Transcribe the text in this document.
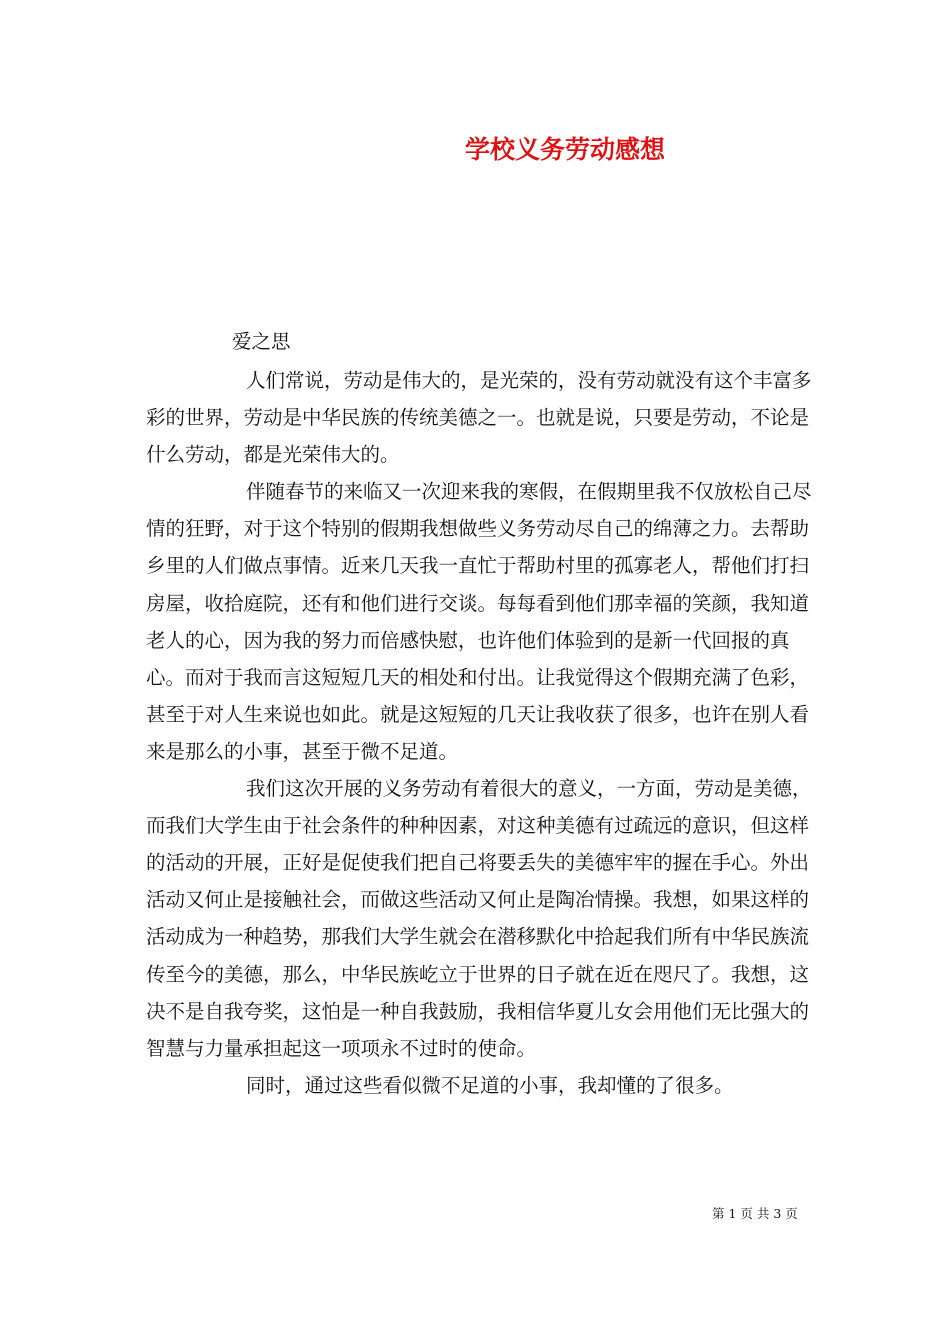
学校义务劳动感想
爱之思

人们常说，劳动是伟大的，是光荣的，没有劳动就没有这个丰富多彩的世界，劳动是中华民族的传统美德之一。也就是说，只要是劳动，不论是什么劳动，都是光荣伟大的。

伴随春节的来临又一次迎来我的寒假，在假期里我不仅放松自己尽情的狂野，对于这个特别的假期我想做些义务劳动尽自己的绵薄之力。去帮助乡里的人们做点事情。近来几天我一直忙于帮助村里的孤寡老人，帮他们打扫房屋，收拾庭院，还有和他们进行交谈。每每看到他们那幸福的笑颜，我知道老人的心，因为我的努力而倍感快慰，也许他们体验到的是新一代回报的真心。而对于我而言这短短几天的相处和付出。让我觉得这个假期充满了色彩，甚至于对人生来说也如此。就是这短短的几天让我收获了很多，也许在别人看来是那么的小事，甚至于微不足道。

我们这次开展的义务劳动有着很大的意义，一方面，劳动是美德，而我们大学生由于社会条件的种种因素，对这种美德有过疏远的意识，但这样的活动的开展，正好是促使我们把自己将要丢失的美德牢牢的握在手心。外出活动又何止是接触社会，而做这些活动又何止是陶冶情操。我想，如果这样的活动成为一种趋势，那我们大学生就会在潜移默化中拾起我们所有中华民族流传至今的美德，那么，中华民族屹立于世界的日子就在近在咫尺了。我想，这决不是自我夸奖，这怕是一种自我鼓励，我相信华夏儿女会用他们无比强大的智慧与力量承担起这一项项永不过时的使命。

同时，通过这些看似微不足道的小事，我却懂的了很多。

第 1 页 共 3 页
